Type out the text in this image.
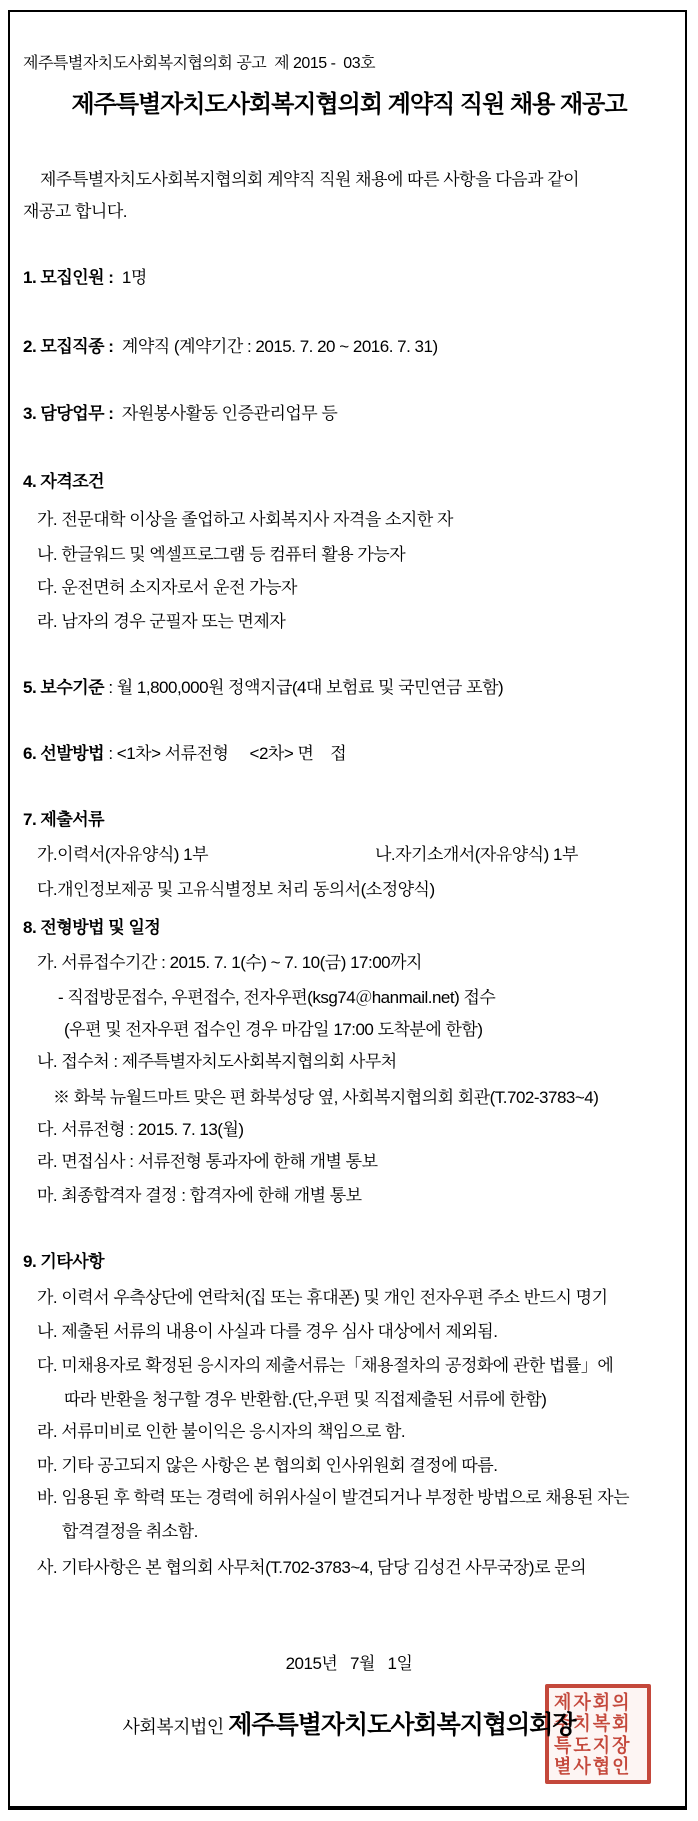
제주특별자치도사회복지협의회 공고  제 2015 -  03호
제주특별자치도사회복지협의회 계약직 직원 채용 재공고
제주특별자치도사회복지협의회 계약직 직원 채용에 따른 사항을 다음과 같이
재공고 합니다.
1. 모집인원 :  1명
2. 모집직종 :  계약직 (계약기간 : 2015. 7. 20 ~ 2016. 7. 31)
3. 담당업무 :  자원봉사활동 인증관리업무 등
4. 자격조건
가. 전문대학 이상을 졸업하고 사회복지사 자격을 소지한 자
나. 한글워드 및 엑셀프로그램 등 컴퓨터 활용 가능자
다. 운전면허 소지자로서 운전 가능자
라. 남자의 경우 군필자 또는 면제자
5. 보수기준 : 월 1,800,000원 정액지급(4대 보험료 및 국민연금 포함)
6. 선발방법 : <1차> 서류전형     <2차> 면    접
7. 제출서류
가.이력서(자유양식) 1부	나.자기소개서(자유양식) 1부
다.개인정보제공 및 고유식별정보 처리 동의서(소정양식)
8. 전형방법 및 일정
가. 서류접수기간 : 2015. 7. 1(수) ~ 7. 10(금) 17:00까지
- 직접방문접수, 우편접수, 전자우편(ksg74＠hanmail.net) 접수
(우편 및 전자우편 접수인 경우 마감일 17:00 도착분에 한함)
나. 접수처 : 제주특별자치도사회복지협의회 사무처
※ 화북 뉴월드마트 맞은 편 화북성당 옆, 사회복지협의회 회관(T.702-3783~4)
다. 서류전형 : 2015. 7. 13(월)
라. 면접심사 : 서류전형 통과자에 한해 개별 통보
마. 최종합격자 결정 : 합격자에 한해 개별 통보
9. 기타사항
가. 이력서 우측상단에 연락처(집 또는 휴대폰) 및 개인 전자우편 주소 반드시 명기
나. 제출된 서류의 내용이 사실과 다를 경우 심사 대상에서 제외됨.
다. 미채용자로 확정된 응시자의 제출서류는「채용절차의 공정화에 관한 법률」에
따라 반환을 청구할 경우 반환함.(단,우편 및 직접제출된 서류에 한함)
라. 서류미비로 인한 불이익은 응시자의 책임으로 함.
마. 기타 공고되지 않은 사항은 본 협의회 인사위원회 결정에 따름.
바. 임용된 후 학력 또는 경력에 허위사실이 발견되거나 부정한 방법으로 채용된 자는
합격결정을 취소함.
사. 기타사항은 본 협의회 사무처(T.702-3783~4, 담당 김성건 사무국장)로 문의
2015년   7월   1일
사회복지법인 제주특별자치도사회복지협의회장
제자회의
주치복회
특도지장
별사협인
